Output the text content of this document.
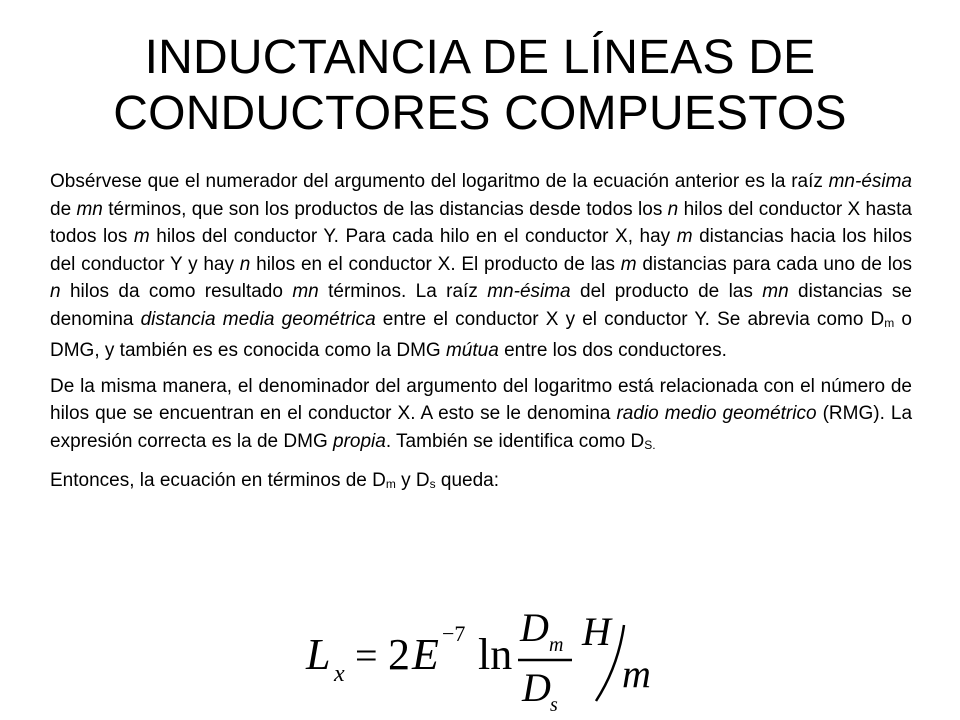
INDUCTANCIA DE LÍNEAS DE
CONDUCTORES COMPUESTOS

Obsérvese que el numerador del argumento del logaritmo de la ecuación anterior es la raíz mn-ésima de mn términos, que son los productos de las distancias desde todos los n hilos del conductor X hasta todos los m hilos del conductor Y. Para cada hilo en el conductor X, hay m distancias hacia los hilos del conductor Y y hay n hilos en el conductor X. El producto de las m distancias para cada uno de los n hilos da como resultado mn términos. La raíz mn-ésima del producto de las mn distancias se denomina distancia media geométrica entre el conductor X y el conductor Y. Se abrevia como Dm o DMG, y también es es conocida como la DMG mútua entre los dos conductores.

De la misma manera, el denominador del argumento del logaritmo está relacionada con el número de hilos que se encuentran en el conductor X. A esto se le denomina radio medio geométrico (RMG). La expresión correcta es la de DMG propia. También se identifica como DS.

Entonces, la ecuación en términos de Dm y Ds queda:

L x = 2 E −7 ln
D m
D s
H
m
